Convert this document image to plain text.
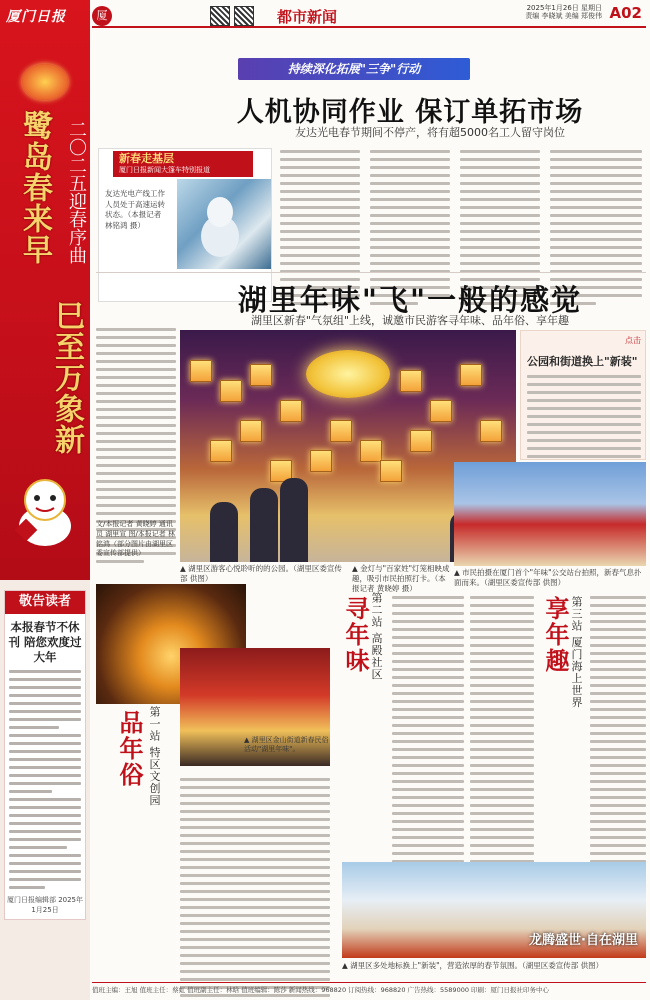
厦门日报
鹭岛春来早
巳至万象新
二〇二五迎春序曲
敬告读者
本报春节不休刊 陪您欢度过大年
厦门日报编辑部 2025年1月25日
厦	都市新闻	2025年1月26日 星期日
责编 李晓斌 美编 郑俊伟 A02
持续深化拓展"三争"行动
人机协同作业 保订单拓市场
友达光电春节期间不停产，将有超5000名工人留守岗位
新春走基层
厦门日报新闻大篷车特别报道
友达光电产线工作人员处于高速运转状态。（本报记者 林铭鸿 摄）
湖里年味"飞"一般的感觉
湖里区新春"气氛组"上线，诚邀市民游客寻年味、品年俗、享年趣
文/本报记者 黄晓婷 通讯员 湖里宣 图/本报记者 林铭鸿（部分图片由湖里区委宣传部提供）
▲ 湖里区游客心悦聆听的的公园。（湖里区委宣传部 供图）
▲ 金灯与"百家姓"灯笼相映成趣，吸引市民拍照打卡。（本报记者 黄晓婷 摄）
点击
公园和街道换上"新装"
▲ 市民拍摄在厦门首个"年味"公交站台拍照，新春气息扑面而来。（湖里区委宣传部 供图）
品年俗 第一站 特区文创园	▲ 湖里区金山街道新春民俗活动"湖里年味"。
寻年味 第二站 高殿社区	享年趣 第三站 厦门海上世界
龙腾盛世·自在湖里
▲ 湖里区多处地标换上"新装"，营造浓厚的春节氛围。（湖里区委宣传部 供图）
值班主编：王旭 值班主任：蔡虹 值班副主任：林晗 值班编辑：陈莎 新闻热线：968820 订阅热线：968820 广告热线：5589000 印刷：厦门日报社印务中心
